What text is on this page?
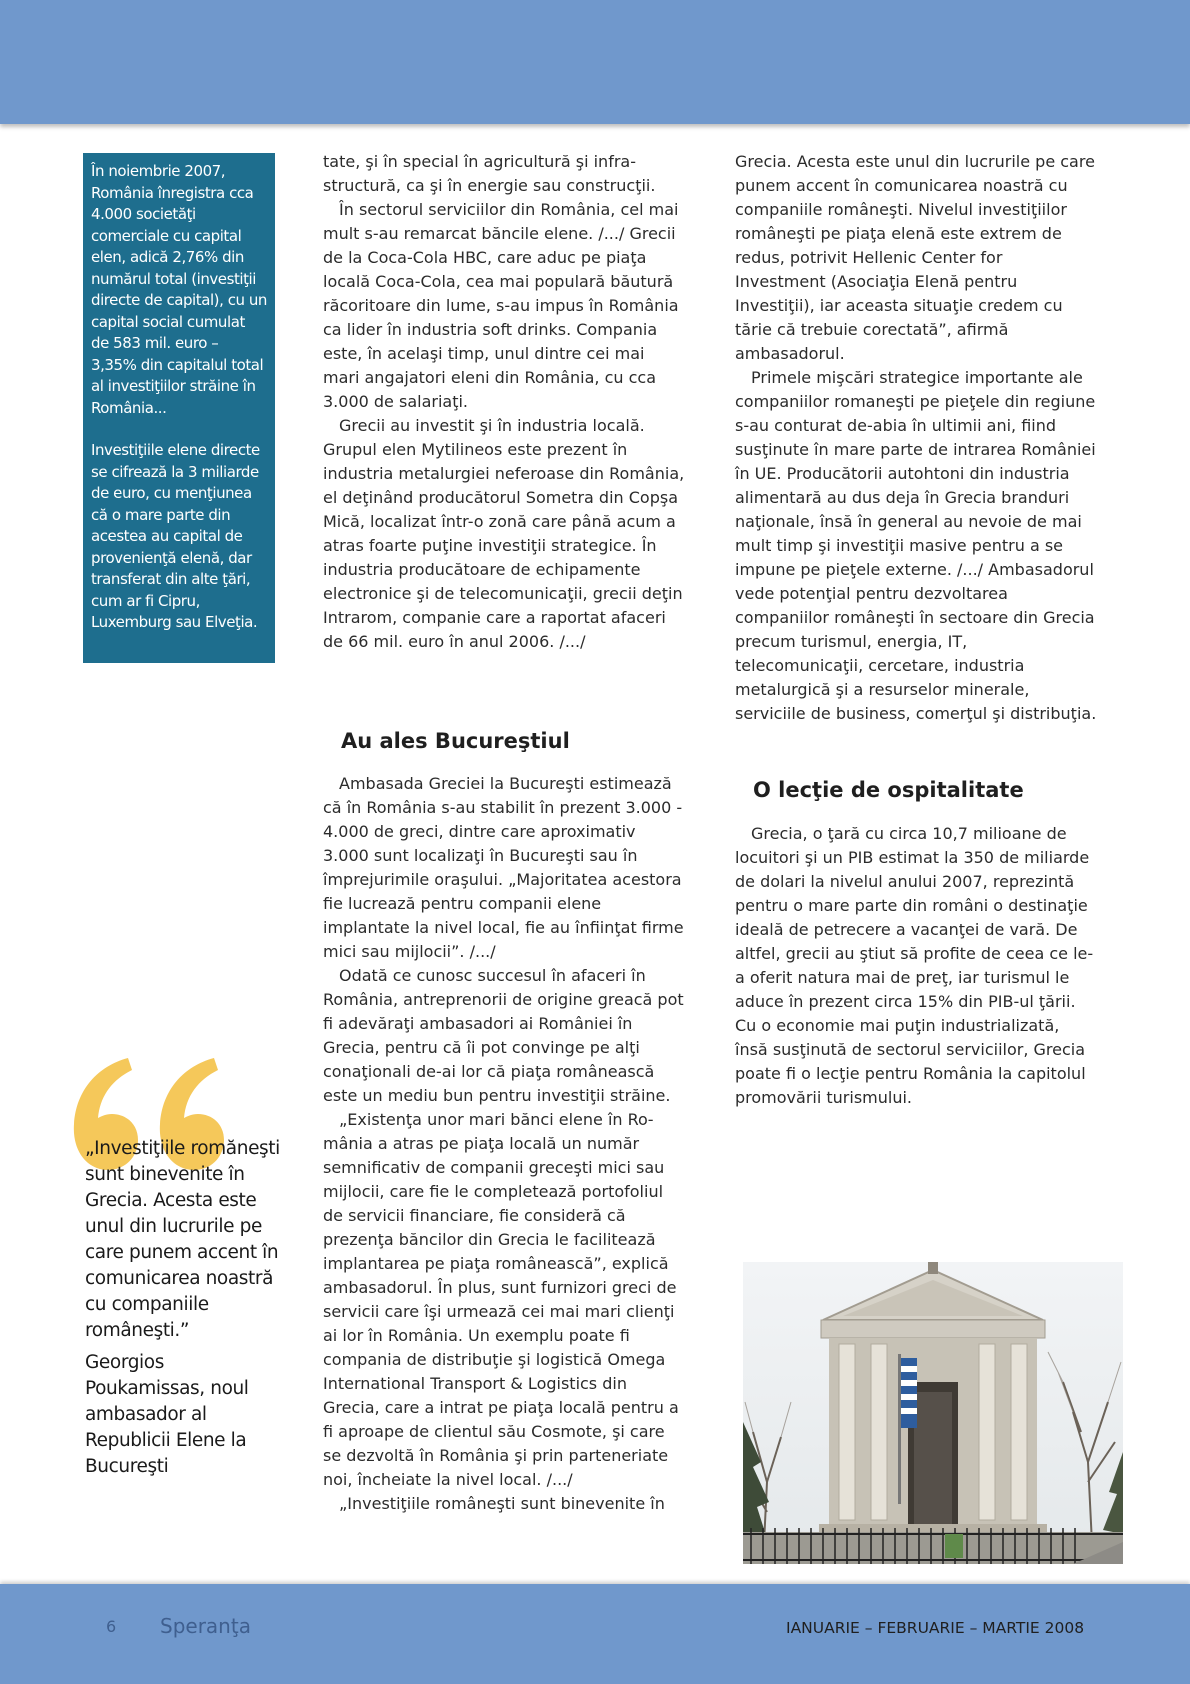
În noiembrie 2007, România înregistra cca 4.000 societăţi comerciale cu capital elen, adică 2,76% din numărul total (investiţii directe de capital), cu un capital social cumulat de 583 mil. euro – 3,35% din capitalul total al investiţiilor străine în România...

Investiţiile elene directe se cifrează la 3 miliarde de euro, cu menţiunea că o mare parte din acestea au capital de provenienţă elenă, dar transferat din alte ţări, cum ar fi Cipru, Luxemburg sau Elveţia.

tate, şi în special în agricultură şi infrastructură, ca şi în energie sau construcţii.

În sectorul serviciilor din România, cel mai mult s-au remarcat băncile elene. /.../ Grecii de la Coca-Cola HBC, care aduc pe piaţa locală Coca-Cola, cea mai populară băutură răcoritoare din lume, s-au impus în România ca lider în industria soft drinks. Compania este, în acelaşi timp, unul dintre cei mai mari angajatori eleni din România, cu cca 3.000 de salariaţi.

Grecii au investit şi în industria locală. Grupul elen Mytilineos este prezent în industria metalurgiei neferoase din România, el deţinând producătorul Sometra din Copşa Mică, localizat într-o zonă care până acum a atras foarte puţine investiţii strategice. În industria producătoare de echipamente electronice şi de telecomunicaţii, grecii deţin Intrarom, companie care a raportat afaceri de 66 mil. euro în anul 2006. /.../

Au ales Bucureştiul

Ambasada Greciei la Bucureşti estimează că în România s-au stabilit în prezent 3.000 - 4.000 de greci, dintre care aproximativ 3.000 sunt localizaţi în Bucureşti sau în împrejurimile oraşului. „Majoritatea acestora fie lucrează pentru companii elene implantate la nivel local, fie au înfiinţat firme mici sau mijlocii”. /.../

Odată ce cunosc succesul în afaceri în România, antreprenorii de origine greacă pot fi adevăraţi ambasadori ai României în Grecia, pentru că îi pot convinge pe alţi conaţionali de-ai lor că piaţa românească este un mediu bun pentru investiţii străine.

„Existenţa unor mari bănci elene în România a atras pe piaţa locală un număr semnificativ de companii greceşti mici sau mijlocii, care fie le completează portofoliul de servicii financiare, fie consideră că prezenţa băncilor din Grecia le facilitează implantarea pe piaţa românească”, explică ambasadorul. În plus, sunt furnizori greci de servicii care îşi urmează cei mai mari clienţi ai lor în România. Un exemplu poate fi compania de distribuţie şi logistică Omega International Transport & Logistics din Grecia, care a intrat pe piaţa locală pentru a fi aproape de clientul său Cosmote, şi care se dezvoltă în România şi prin parteneriate noi, încheiate la nivel local. /.../

„Investiţiile româneşti sunt binevenite în

Grecia. Acesta este unul din lucrurile pe care punem accent în comunicarea noastră cu companiile româneşti. Nivelul investiţiilor româneşti pe piaţa elenă este extrem de redus, potrivit Hellenic Center for Investment (Asociaţia Elenă pentru Investiţii), iar aceasta situaţie credem cu tărie că trebuie corectată”, afirmă ambasadorul.

Primele mişcări strategice importante ale companiilor romaneşti pe pieţele din regiune s-au conturat de-abia în ultimii ani, fiind susţinute în mare parte de intrarea României în UE. Producătorii autohtoni din industria alimentară au dus deja în Grecia branduri naţionale, însă în general au nevoie de mai mult timp şi investiţii masive pentru a se impune pe pieţele externe. /.../ Ambasadorul vede potenţial pentru dezvoltarea companiilor româneşti în sectoare din Grecia precum turismul, energia, IT, telecomunicaţii, cercetare, industria metalurgică şi a resurselor minerale, serviciile de business, comerţul şi distribuţia.

O lecţie de ospitalitate

Grecia, o ţară cu circa 10,7 milioane de locuitori şi un PIB estimat la 350 de miliarde de dolari la nivelul anului 2007, reprezintă pentru o mare parte din români o destinaţie ideală de petrecere a vacanţei de vară. De altfel, grecii au ştiut să profite de ceea ce le-a oferit natura mai de preţ, iar turismul le aduce în prezent circa 15% din PIB-ul ţării. Cu o economie mai puţin industrializată, însă susţinută de sectorul serviciilor, Grecia poate fi o lecţie pentru România la capitolul promovării turismului.

„Investiţiile romăneşti sunt binevenite în Grecia. Acesta este unul din lucrurile pe care punem accent în comunicarea noastră cu companiile româneşti.”

Georgios Poukamissas, noul ambasador al Republicii Elene la Bucureşti

6 Speranţa	IANUARIE – FEBRUARIE – MARTIE 2008
